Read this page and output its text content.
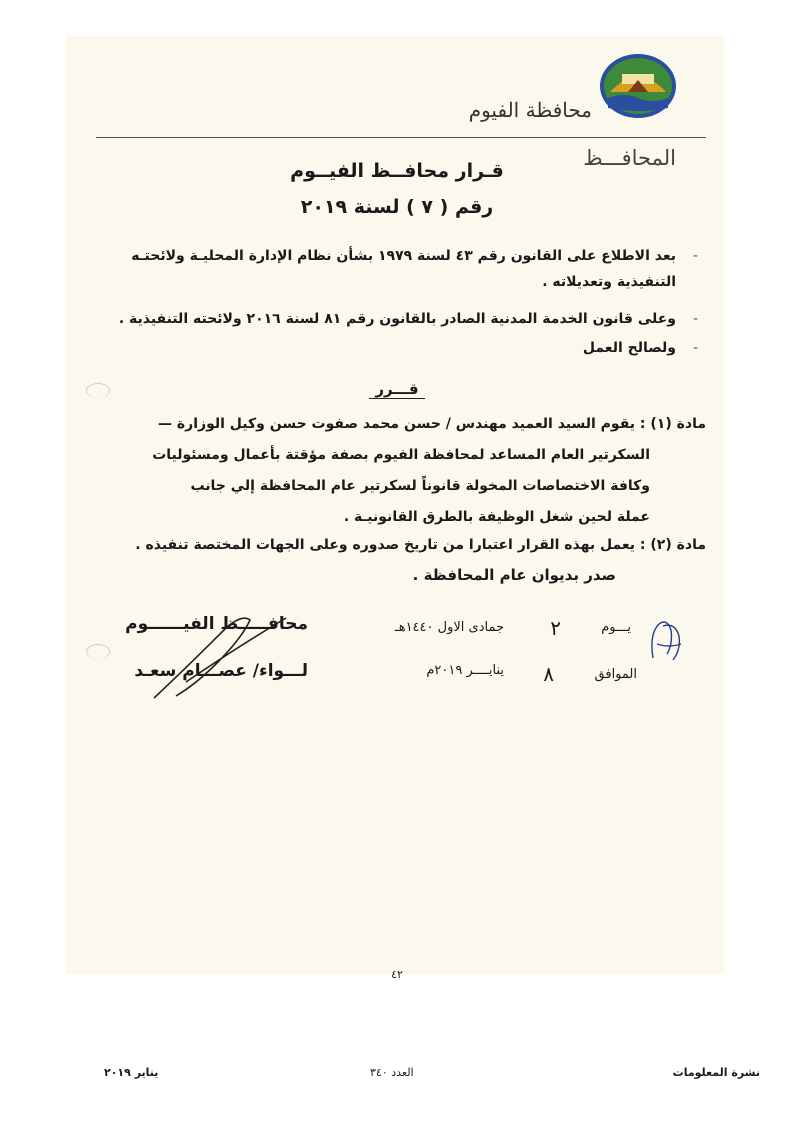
محافظة الفيوم
المحافـــظ
قـرار محافــظ الفيــوم
رقم ( ٧ ) لسنة ٢٠١٩
-بعد الاطلاع على القانون رقم ٤٣ لسنة ١٩٧٩ بشأن نظام الإدارة المحليـة ولائحتـه
التنفيذية وتعديلاته .
-وعلى قانون الخدمة المدنية الصادر بالقانون رقم ٨١ لسنة ٢٠١٦ ولائحته التنفيذية .
-ولصالح العمل
قـــرر
مادة (١) : يقوم السيد العميد مهندس / حسن محمد صفوت حسن وكيل الوزارة —
السكرتير العام المساعد لمحافظة الفيوم بصفة مؤقتة بأعمال ومسئوليات
وكافة الاختصاصات المخولة قانوناً لسكرتير عام المحافظة إلي جانب
عملة لحين شغل الوظيفة بالطرق القانونيـة .
مادة (٢) : يعمل بهذه القرار اعتبارا من تاريخ صدوره وعلى الجهات المختصة تنفيذه .
صدر بديوان عام المحافظة .
يـــوم
٢
جمادى الاول ١٤٤٠هـ
الموافق
٨
ينايــــر ٢٠١٩م
محافـــــظ الفيــــــوم
لـــواء/ عصـــام سعـد
٤٢
نشرة المعلومات
العدد ٣٤٠
يناير ٢٠١٩
